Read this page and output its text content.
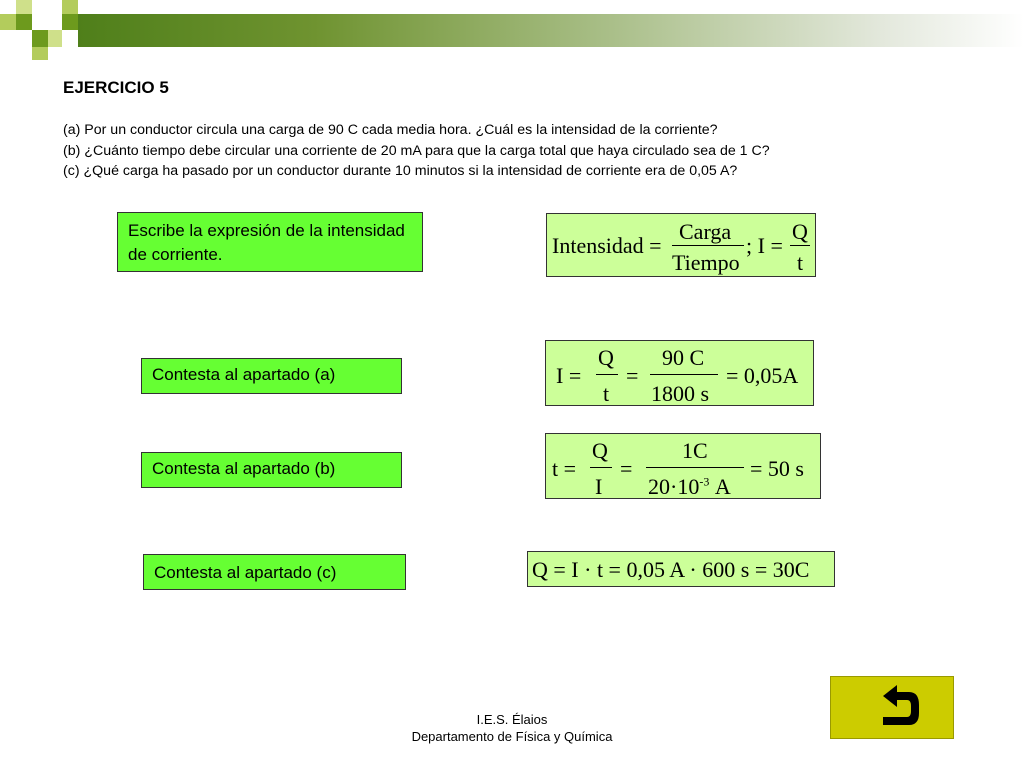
EJERCICIO 5
(a) Por un conductor circula una carga de 90 C cada media hora. ¿Cuál es la intensidad de la corriente?
(b) ¿Cuánto tiempo debe circular una corriente de 20 mA para que la carga total que haya circulado sea de 1 C?
(c) ¿Qué carga ha pasado por un conductor durante 10 minutos si la intensidad de corriente era de 0,05 A?
Escribe la expresión de la intensidad de corriente.
Contesta al apartado (a)
Contesta al apartado (b)
Contesta al apartado (c)
Intensidad =
Carga
Tiempo
; I =
Q
t
I =
Q
t
=
90 C
1800 s
= 0,05A
t =
Q
I
=
1C
$20\cdot 10^{-3}$ A
= 50 s
Q = I · t = 0,05 A · 600 s = 30C
I.E.S. Élaios
Departamento de Física y Química
